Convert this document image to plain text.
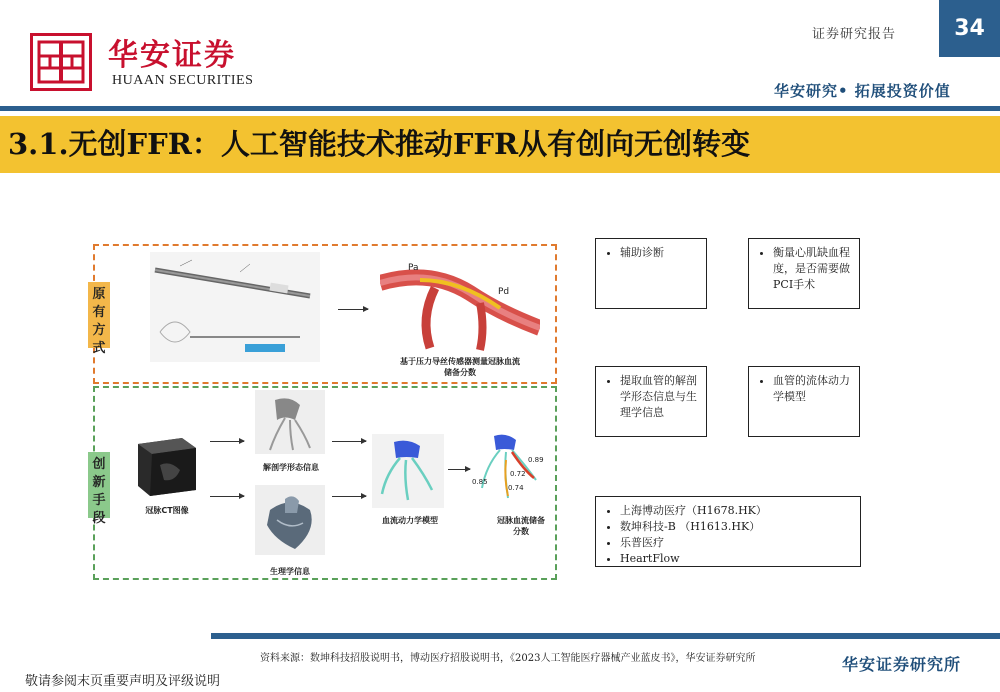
华安证券
HUAAN SECURITIES
证券研究报告	34
华安研究• 拓展投资价值
3.1.无创FFR：人工智能技术推动FFR从有创向无创转变
原有方式
Pa
Pd
基于压力导丝传感器测量冠脉血流储备分数
创新手段
冠脉CT图像
解剖学形态信息
生理学信息
血流动力学模型
0.89
0.72
0.85
0.74
冠脉血流储备分数
• 辅助诊断
•	衡量心肌缺血程度，是否需要做PCI手术
• 提取血管的解剖学形态信息与生理学信息
• 血管的流体动力学模型
• 上海博动医疗（H1678.HK）
• 数坤科技-B （H1613.HK）
• 乐普医疗
• HeartFlow
资料来源：数坤科技招股说明书，博动医疗招股说明书，《2023人工智能医疗器械产业蓝皮书》，华安证券研究所
敬请参阅末页重要声明及评级说明
华安证券研究所
